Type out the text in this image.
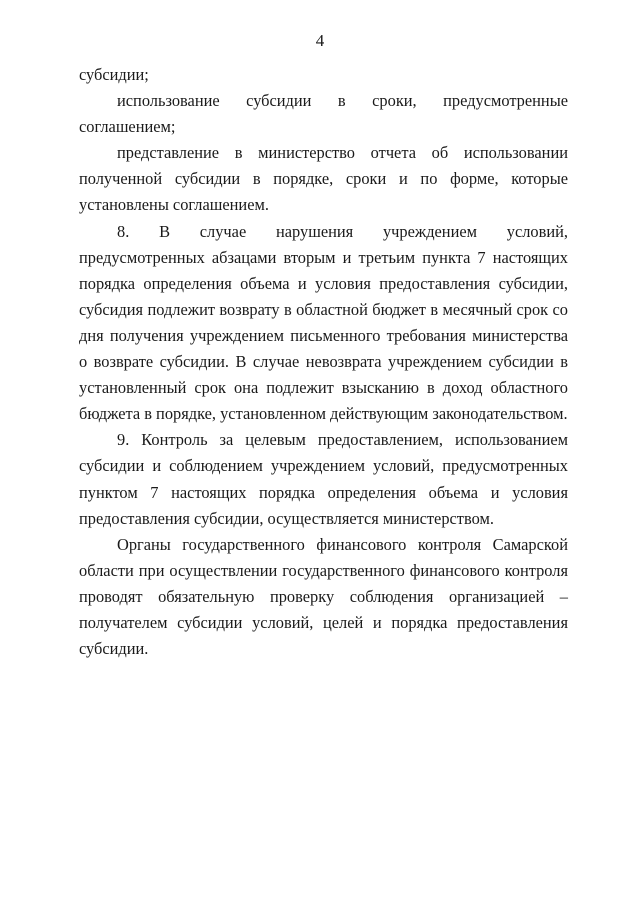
4

субсидии;

использование субсидии в сроки, предусмотренные соглашением;

представление в министерство отчета об использовании полученной субсидии в порядке, сроки и по форме, которые установлены соглашением.

8. В случае нарушения учреждением условий, предусмотренных абзацами вторым и третьим пункта 7 настоящих порядка определения объема и условия предоставления субсидии, субсидия подлежит возврату в областной бюджет в месячный срок со дня получения учреждением письменного требования министерства о возврате субсидии. В случае невозврата учреждением субсидии в установленный срок она подлежит взысканию в доход областного бюджета в порядке, установленном действующим законодательством.

9. Контроль за целевым предоставлением, использованием субсидии и соблюдением учреждением условий, предусмотренных пунктом 7 настоящих порядка определения объема и условия предоставления субсидии, осуществляется министерством.

Органы государственного финансового контроля Самарской области при осуществлении государственного финансового контроля проводят обязательную проверку соблюдения организацией – получателем субсидии условий, целей и порядка предоставления субсидии.
